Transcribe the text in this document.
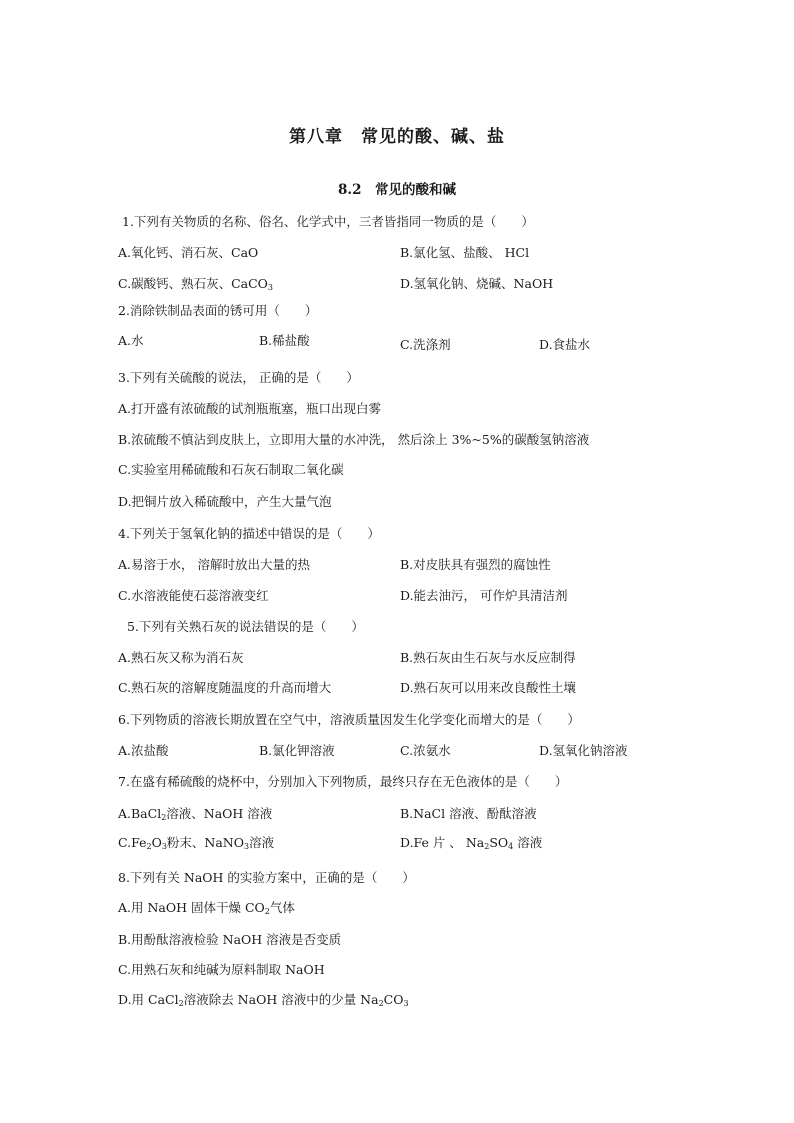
第八章　常见的酸、碱、盐
8.2　常见的酸和碱
1.下列有关物质的名称、俗名、化学式中，三者皆指同一物质的是（　　）
A.氧化钙、消石灰、CaO	B.氯化氢、盐酸、 HCl
C.碳酸钙、熟石灰、CaCO$_3$	D.氢氧化钠、烧碱、NaOH
2.消除铁制品表面的锈可用（　　）
A.水	B.稀盐酸	C.洗涤剂	D.食盐水
3.下列有关硫酸的说法， 正确的是（　　）
A.打开盛有浓硫酸的试剂瓶瓶塞，瓶口出现白雾
B.浓硫酸不慎沾到皮肤上，立即用大量的水冲洗， 然后涂上 3%~5%的碳酸氢钠溶液
C.实验室用稀硫酸和石灰石制取二氧化碳
D.把铜片放入稀硫酸中，产生大量气泡
4.下列关于氢氧化钠的描述中错误的是（　　）
A.易溶于水， 溶解时放出大量的热	B.对皮肤具有强烈的腐蚀性
C.水溶液能使石蕊溶液变红	D.能去油污， 可作炉具清洁剂
5.下列有关熟石灰的说法错误的是（　　）
A.熟石灰又称为消石灰	B.熟石灰由生石灰与水反应制得
C.熟石灰的溶解度随温度的升高而增大	D.熟石灰可以用来改良酸性土壤
6.下列物质的溶液长期放置在空气中，溶液质量因发生化学变化而增大的是（　　）
A.浓盐酸	B.氯化钾溶液	C.浓氨水	D.氢氧化钠溶液
7.在盛有稀硫酸的烧杯中，分别加入下列物质，最终只存在无色液体的是（　　）
A.BaCl$_2$溶液、NaOH 溶液	B.NaCl 溶液、酚酞溶液
$C.Fe_2O_3$粉末、NaNO$_3$溶液	D.Fe 片 、 $Na_2SO_4$ 溶液
8.下列有关 NaOH 的实验方案中，正确的是（　　）
A.用 NaOH 固体干燥 $CO_2$气体
B.用酚酞溶液检验 NaOH 溶液是否变质
C.用熟石灰和纯碱为原料制取 NaOH
D.用 CaCl$_2$溶液除去 NaOH 溶液中的少量 $Na_2CO_3$
